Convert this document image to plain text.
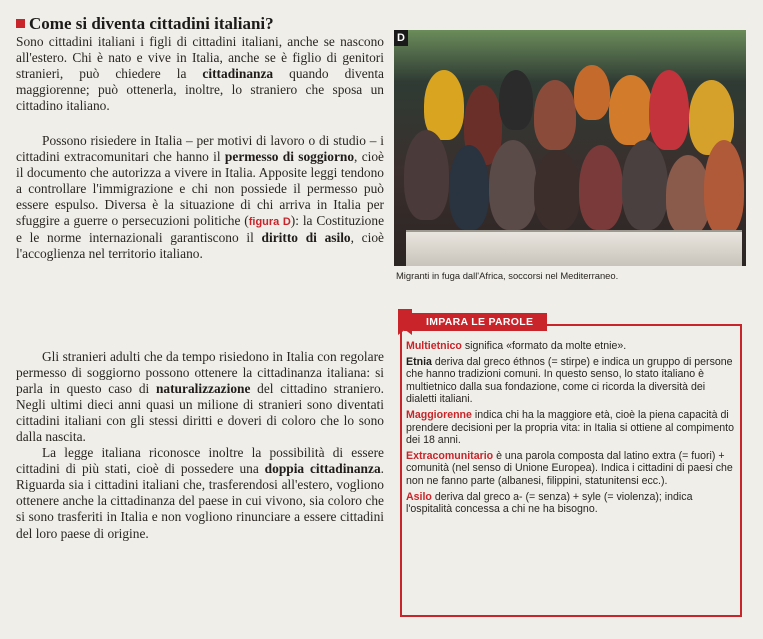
Come si diventa cittadini italiani?

Sono cittadini italiani i figli di cittadini italiani, anche se nascono all'estero. Chi è nato e vive in Italia, anche se è figlio di genitori stranieri, può chiedere la cittadinanza quando diventa maggiorenne; può ottenerla, inoltre, lo straniero che sposa un cittadino italiano.

Possono risiedere in Italia – per motivi di lavoro o di studio – i cittadini extracomunitari che hanno il permesso di soggiorno, cioè il documento che autorizza a vivere in Italia. Apposite leggi tendono a controllare l'immigrazione e chi non possiede il permesso può essere espulso. Diversa è la situazione di chi arriva in Italia per sfuggire a guerre o persecuzioni politiche (figura D): la Costituzione e le norme internazionali garantiscono il diritto di asilo, cioè l'accoglienza nel territorio italiano.

Gli stranieri adulti che da tempo risiedono in Italia con regolare permesso di soggiorno possono ottenere la cittadinanza italiana: si parla in questo caso di naturalizzazione del cittadino straniero. Negli ultimi dieci anni quasi un milione di stranieri sono diventati cittadini italiani con gli stessi diritti e doveri di coloro che lo sono dalla nascita.

La legge italiana riconosce inoltre la possibilità di essere cittadini di più stati, cioè di possedere una doppia cittadinanza. Riguarda sia i cittadini italiani che, trasferendosi all'estero, vogliono ottenere anche la cittadinanza del paese in cui vivono, sia coloro che si sono trasferiti in Italia e non vogliono rinunciare a essere cittadini del loro paese di origine.

D
Migranti in fuga dall'Africa, soccorsi nel Mediterraneo.
IMPARA LE PAROLE

Multietnico significa «formato da molte etnie».

Etnia deriva dal greco éthnos (= stirpe) e indica un gruppo di persone che hanno tradizioni comuni. In questo senso, lo stato italiano è multietnico dalla sua fondazione, come ci ricorda la diversità dei dialetti italiani.

Maggiorenne indica chi ha la maggiore età, cioè la piena capacità di prendere decisioni per la propria vita: in Italia si ottiene al compimento dei 18 anni.

Extracomunitario è una parola composta dal latino extra (= fuori) + comunità (nel senso di Unione Europea). Indica i cittadini di paesi che non ne fanno parte (albanesi, filippini, statunitensi ecc.).

Asilo deriva dal greco a- (= senza) + syle (= violenza); indica l'ospitalità concessa a chi ne ha bisogno.
